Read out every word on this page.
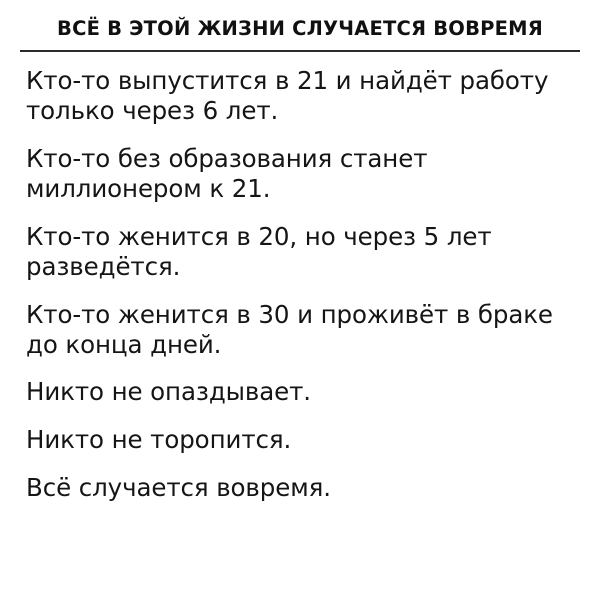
ВСЁ В ЭТОЙ ЖИЗНИ СЛУЧАЕТСЯ ВОВРЕМЯ

Кто-то выпустится в 21 и найдёт работу только через 6 лет.

Кто-то без образования станет миллионером к 21.

Кто-то женится в 20, но через 5 лет разведётся.

Кто-то женится в 30 и проживёт в браке до конца дней.

Никто не опаздывает.

Никто не торопится.

Всё случается вовремя.
